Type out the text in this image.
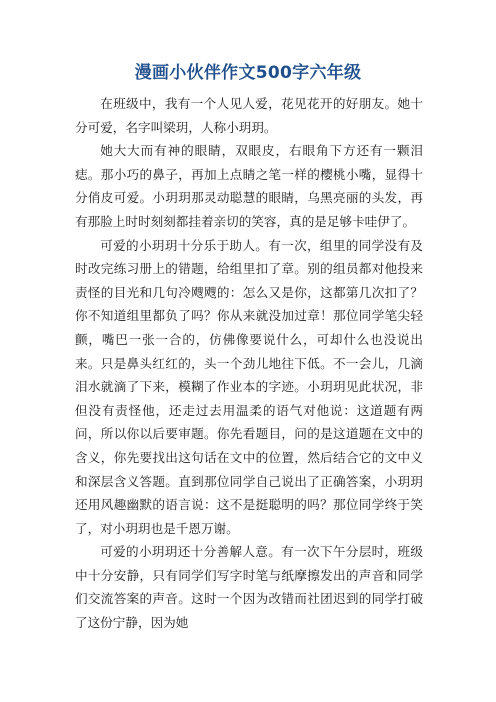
漫画小伙伴作文500字六年级

在班级中，我有一个人见人爱，花见花开的好朋友。她十分可爱，名字叫梁玥，人称小玥玥。

她大大而有神的眼睛，双眼皮，右眼角下方还有一颗泪痣。那小巧的鼻子，再加上点睛之笔一样的樱桃小嘴，显得十分俏皮可爱。小玥玥那灵动聪慧的眼睛，乌黑亮丽的头发，再有那脸上时时刻刻都挂着亲切的笑容，真的是足够卡哇伊了。

可爱的小玥玥十分乐于助人。有一次，组里的同学没有及时改完练习册上的错题，给组里扣了章。别的组员都对他投来责怪的目光和几句冷飕飕的：怎么又是你，这都第几次扣了？你不知道组里都负了吗？你从来就没加过章！那位同学笔尖轻颤，嘴巴一张一合的，仿佛像要说什么，可却什么也没说出来。只是鼻头红红的，头一个劲儿地往下低。不一会儿，几滴泪水就滴了下来，模糊了作业本的字迹。小玥玥见此状况，非但没有责怪他，还走过去用温柔的语气对他说：这道题有两问，所以你以后要审题。你先看题目，问的是这道题在文中的含义，你先要找出这句话在文中的位置，然后结合它的文中义和深层含义答题。直到那位同学自己说出了正确答案，小玥玥还用风趣幽默的语言说：这不是挺聪明的吗？那位同学终于笑了，对小玥玥也是千恩万谢。

可爱的小玥玥还十分善解人意。有一次下午分层时，班级中十分安静，只有同学们写字时笔与纸摩擦发出的声音和同学们交流答案的声音。这时一个因为改错而社团迟到的同学打破了这份宁静，因为她
